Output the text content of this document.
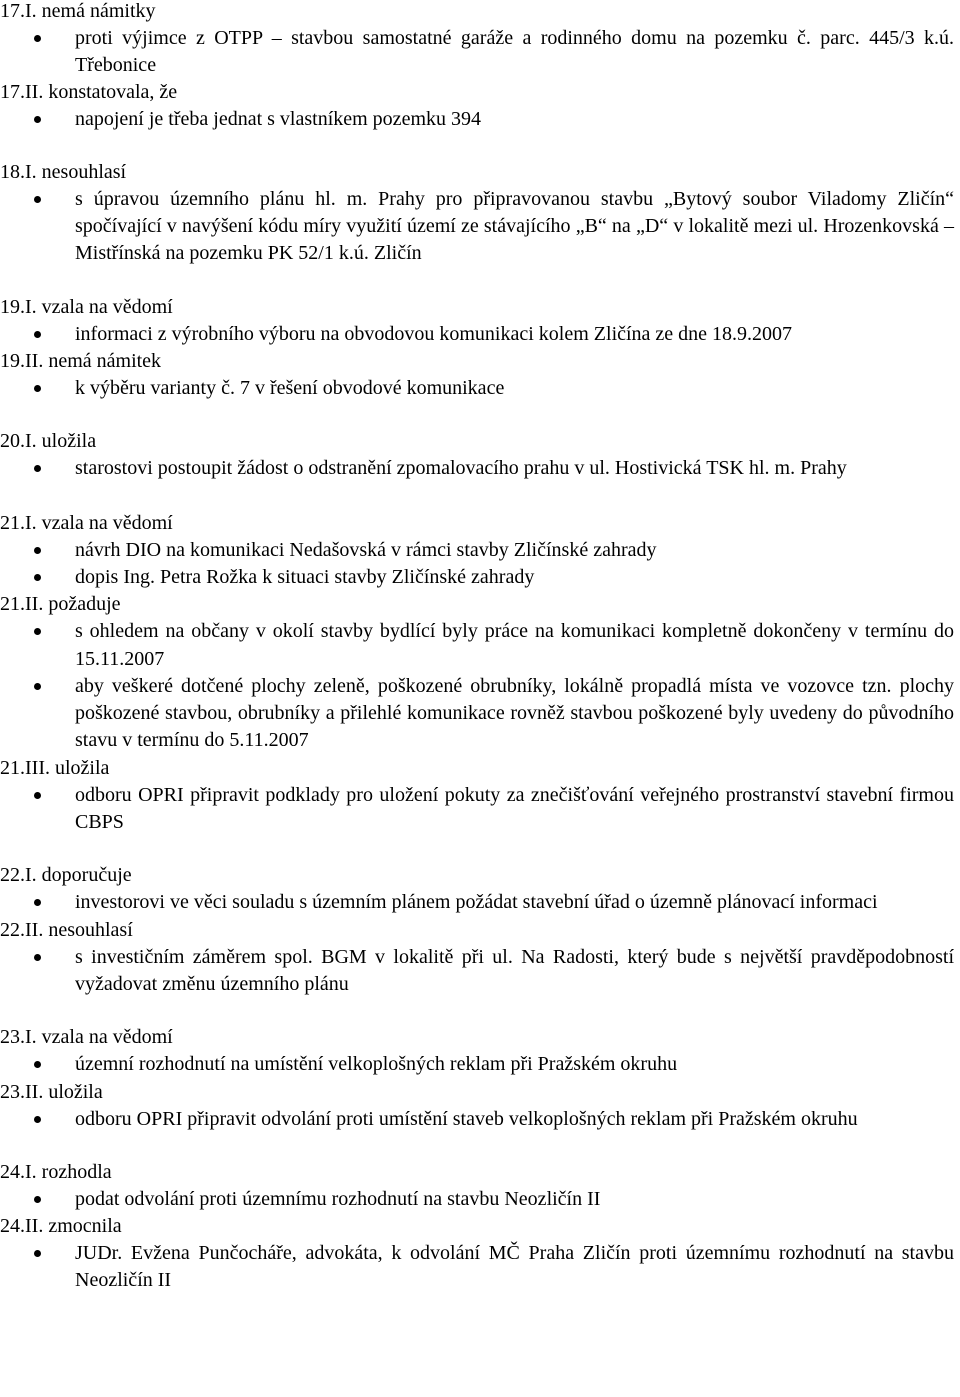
17.I. nemá námitky
proti výjimce z OTPP – stavbou samostatné garáže a rodinného domu na pozemku č. parc. 445/3 k.ú. Třebonice
17.II. konstatovala, že
napojení je třeba jednat s vlastníkem pozemku 394
18.I. nesouhlasí
s úpravou územního plánu hl. m. Prahy pro připravovanou stavbu „Bytový soubor Viladomy Zličín“ spočívající v navýšení kódu míry využití území ze stávajícího „B“ na „D“ v lokalitě mezi ul. Hrozenkovská – Mistřínská na pozemku PK 52/1 k.ú. Zličín
19.I. vzala na vědomí
informaci z výrobního výboru na obvodovou komunikaci kolem Zličína ze dne 18.9.2007
19.II. nemá námitek
k výběru varianty č. 7 v řešení obvodové komunikace
20.I. uložila
starostovi postoupit žádost o odstranění zpomalovacího prahu v ul. Hostivická TSK hl. m. Prahy
21.I. vzala na vědomí
návrh DIO na komunikaci Nedašovská v rámci stavby Zličínské zahrady
dopis Ing. Petra Rožka k situaci stavby Zličínské zahrady
21.II. požaduje
s ohledem na občany v okolí stavby bydlící byly práce na komunikaci kompletně dokončeny v termínu do 15.11.2007
aby veškeré dotčené plochy zeleně, poškozené obrubníky, lokálně propadlá místa ve vozovce tzn. plochy poškozené stavbou, obrubníky a přilehlé komunikace rovněž stavbou poškozené byly uvedeny do původního stavu v termínu do 5.11.2007
21.III. uložila
odboru OPRI připravit podklady pro uložení pokuty za znečišťování veřejného prostranství stavební firmou CBPS
22.I. doporučuje
investorovi ve věci souladu s územním plánem požádat stavební úřad o územně plánovací informaci
22.II. nesouhlasí
s investičním záměrem spol. BGM v lokalitě při ul. Na Radosti, který bude s největší pravděpodobností vyžadovat změnu územního plánu
23.I. vzala na vědomí
územní rozhodnutí na umístění velkoplošných reklam při Pražském okruhu
23.II. uložila
odboru OPRI připravit odvolání proti umístění staveb velkoplošných reklam při Pražském okruhu
24.I. rozhodla
podat odvolání proti územnímu rozhodnutí na stavbu Neozličín II
24.II. zmocnila
JUDr. Evžena Punčocháře, advokáta, k odvolání MČ Praha Zličín proti územnímu rozhodnutí na stavbu Neozličín II
